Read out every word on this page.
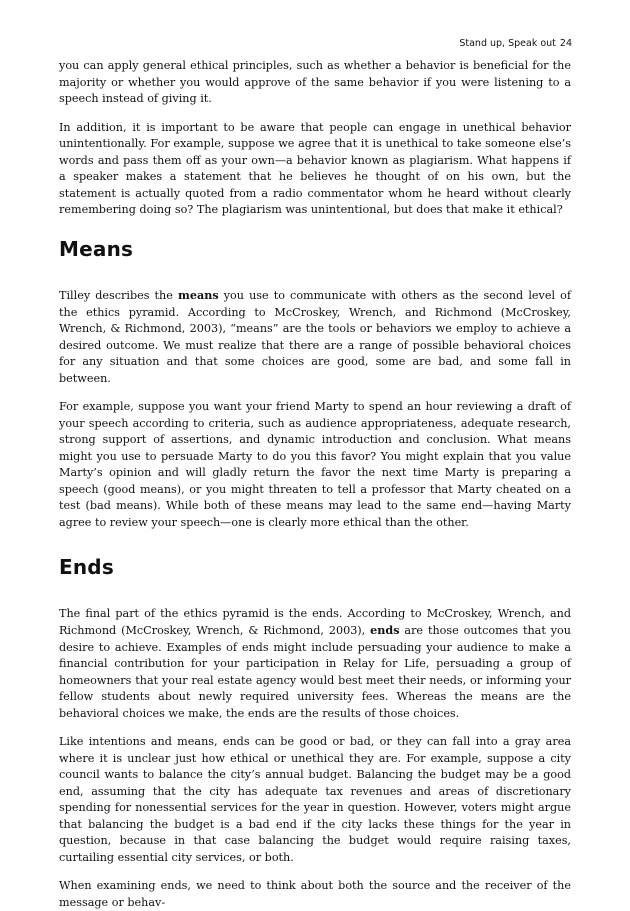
Stand up, Speak out 24

you can apply general ethical principles, such as whether a behavior is beneficial for the majority or whether you would approve of the same behavior if you were listening to a speech instead of giving it.

In addition, it is important to be aware that people can engage in unethical behavior unintentionally. For example, suppose we agree that it is unethical to take someone else’s words and pass them off as your own—a behavior known as plagiarism. What happens if a speaker makes a statement that he believes he thought of on his own, but the statement is actually quoted from a radio commentator whom he heard without clearly remembering doing so? The plagiarism was unintentional, but does that make it ethical?

Means

Tilley describes the means you use to communicate with others as the second level of the ethics pyramid. According to McCroskey, Wrench, and Richmond (McCroskey, Wrench, & Richmond, 2003), “means” are the tools or behaviors we employ to achieve a desired outcome. We must realize that there are a range of possible behavioral choices for any situation and that some choices are good, some are bad, and some fall in between.

For example, suppose you want your friend Marty to spend an hour reviewing a draft of your speech according to criteria, such as audience appropriateness, adequate research, strong support of assertions, and dynamic introduction and conclusion. What means might you use to persuade Marty to do you this favor? You might explain that you value Marty’s opinion and will gladly return the favor the next time Marty is preparing a speech (good means), or you might threaten to tell a professor that Marty cheated on a test (bad means). While both of these means may lead to the same end—having Marty agree to review your speech—one is clearly more ethical than the other.

Ends

The final part of the ethics pyramid is the ends. According to McCroskey, Wrench, and Richmond (McCroskey, Wrench, & Richmond, 2003), ends are those outcomes that you desire to achieve. Examples of ends might include persuading your audience to make a financial contribution for your participation in Relay for Life, persuading a group of homeowners that your real estate agency would best meet their needs, or informing your fellow students about newly required university fees. Whereas the means are the behavioral choices we make, the ends are the results of those choices.

Like intentions and means, ends can be good or bad, or they can fall into a gray area where it is unclear just how ethical or unethical they are. For example, suppose a city council wants to balance the city’s annual budget. Balancing the budget may be a good end, assuming that the city has adequate tax revenues and areas of discretionary spending for nonessential services for the year in question. However, voters might argue that balancing the budget is a bad end if the city lacks these things for the year in question, because in that case balancing the budget would require raising taxes, curtailing essential city services, or both.

When examining ends, we need to think about both the source and the receiver of the message or behav-
